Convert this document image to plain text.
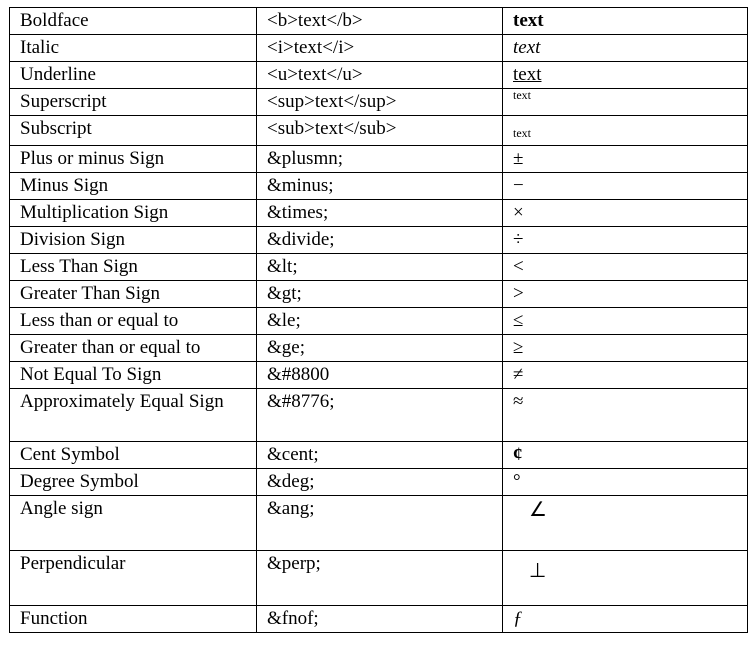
Boldface	<b>text</b>	text
Italic	<i>text</i>	text
Underline	<u>text</u>	text
Superscript	<sup>text</sup>	text
Subscript	<sub>text</sub>	text
Plus or minus Sign	&plusmn;	±
Minus Sign	&minus;	−
Multiplication Sign	&times;	×
Division Sign	&divide;	÷
Less Than Sign	&lt;	<
Greater Than Sign	&gt;	>
Less than or equal to	&le;	≤
Greater than or equal to	&ge;	≥
Not Equal To Sign	&#8800	≠
Approximately Equal Sign	&#8776;	≈
Cent Symbol	&cent;	¢
Degree Symbol	&deg;	°
Angle sign	&ang;	∠
Perpendicular	&perp;	⊥
Function	&fnof;	ƒ
